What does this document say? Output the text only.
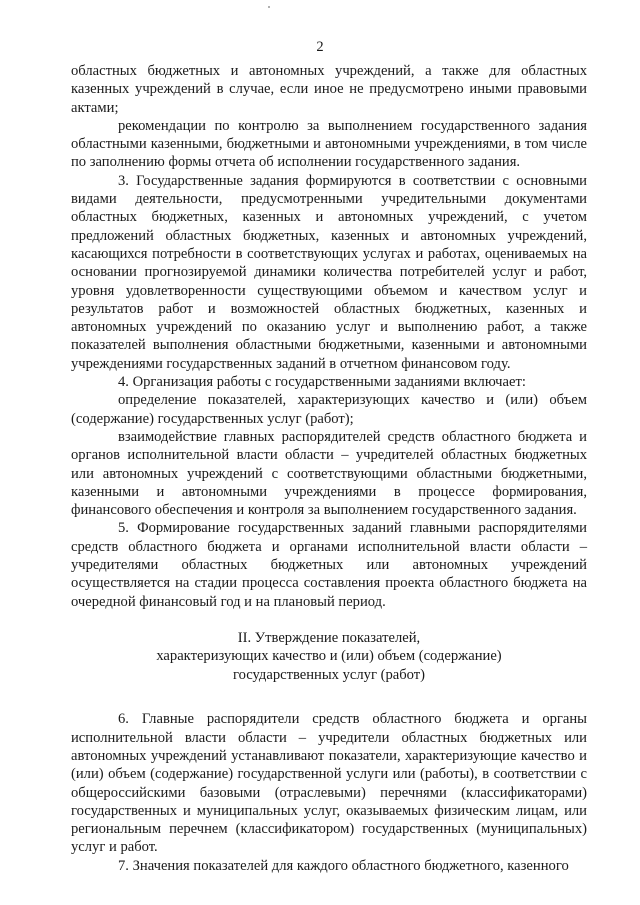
2

областных бюджетных и автономных учреждений, а также для областных казенных учреждений в случае, если иное не предусмотрено иными правовыми актами;

рекомендации по контролю за выполнением государственного задания областными казенными, бюджетными и автономными учреждениями, в том числе по заполнению формы отчета об исполнении государственного задания.

3. Государственные задания формируются в соответствии с основными видами деятельности, предусмотренными учредительными документами областных бюджетных, казенных и автономных учреждений, с учетом предложений областных бюджетных, казенных и автономных учреждений, касающихся потребности в соответствующих услугах и работах, оцениваемых на основании прогнозируемой динамики количества потребителей услуг и работ, уровня удовлетворенности существующими объемом и качеством услуг и результатов работ и возможностей областных бюджетных, казенных и автономных учреждений по оказанию услуг и выполнению работ, а также показателей выполнения областными бюджетными, казенными и автономными учреждениями государственных заданий в отчетном финансовом году.

4. Организация работы с государственными заданиями включает:

определение показателей, характеризующих качество и (или) объем (содержание) государственных услуг (работ);

взаимодействие главных распорядителей средств областного бюджета и органов исполнительной власти области – учредителей областных бюджетных или автономных учреждений с соответствующими областными бюджетными, казенными и автономными учреждениями в процессе формирования, финансового обеспечения и контроля за выполнением государственного задания.

5. Формирование государственных заданий главными распорядителями средств областного бюджета и органами исполнительной власти области – учредителями областных бюджетных или автономных учреждений осуществляется на стадии процесса составления проекта областного бюджета на очередной финансовый год и на плановый период.

II. Утверждение показателей,
характеризующих качество и (или) объем (содержание)
государственных услуг (работ)

6. Главные распорядители средств областного бюджета и органы исполнительной власти области – учредители областных бюджетных или автономных учреждений устанавливают показатели, характеризующие качество и (или) объем (содержание) государственной услуги или (работы), в соответствии с общероссийскими базовыми (отраслевыми) перечнями (классификаторами) государственных и муниципальных услуг, оказываемых физическим лицам, или региональным перечнем (классификатором) государственных (муниципальных) услуг и работ.

7. Значения показателей для каждого областного бюджетного, казенного
